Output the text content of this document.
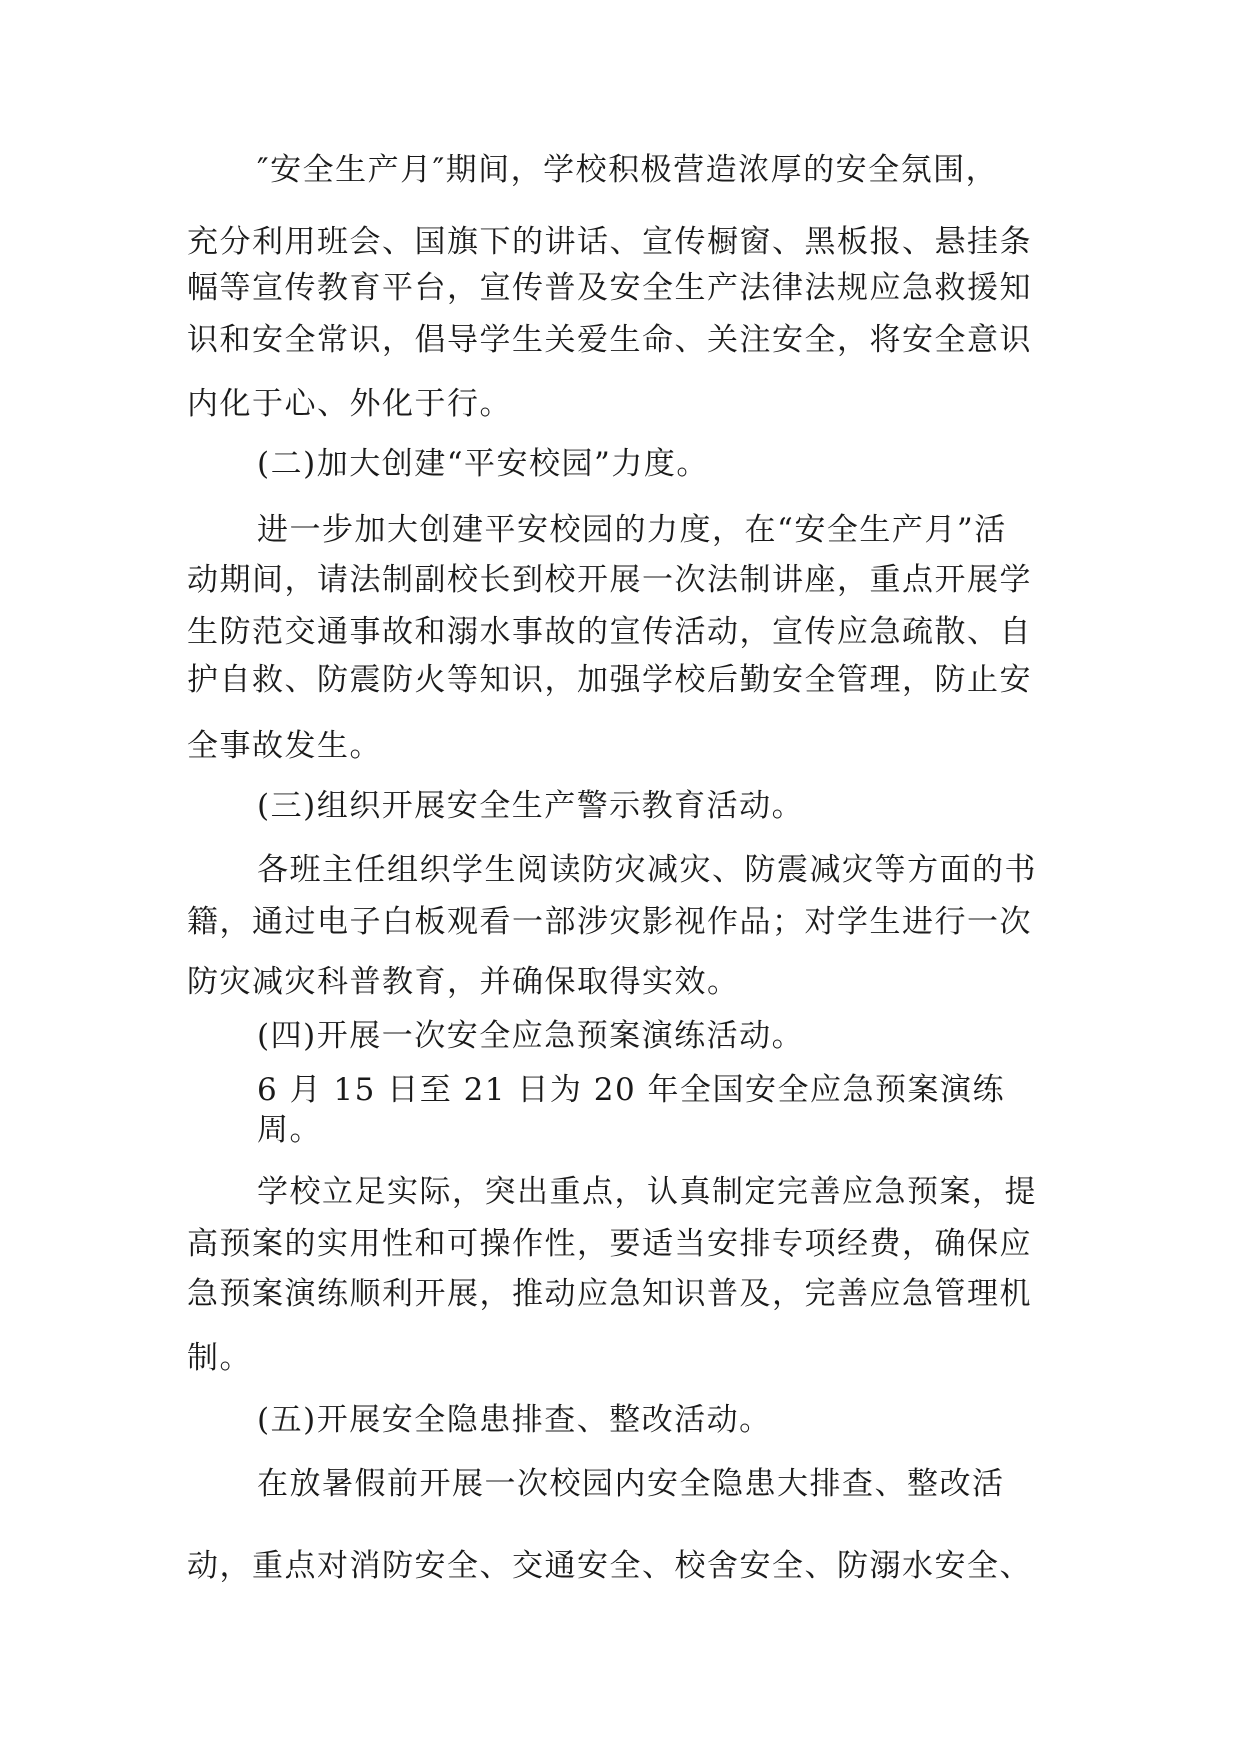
″安全生产月″期间，学校积极营造浓厚的安全氛围，

充分利用班会、国旗下的讲话、宣传橱窗、黑板报、悬挂条

幅等宣传教育平台，宣传普及安全生产法律法规应急救援知

识和安全常识，倡导学生关爱生命、关注安全，将安全意识

内化于心、外化于行。

(二)加大创建“平安校园”力度。

进一步加大创建平安校园的力度，在“安全生产月”活

动期间，请法制副校长到校开展一次法制讲座，重点开展学

生防范交通事故和溺水事故的宣传活动，宣传应急疏散、自

护自救、防震防火等知识，加强学校后勤安全管理，防止安

全事故发生。

(三)组织开展安全生产警示教育活动。

各班主任组织学生阅读防灾减灾、防震减灾等方面的书

籍，通过电子白板观看一部涉灾影视作品；对学生进行一次

防灾减灾科普教育，并确保取得实效。

(四)开展一次安全应急预案演练活动。

6 月 15 日至 21 日为 20 年全国安全应急预案演练

周。

学校立足实际，突出重点，认真制定完善应急预案，提

高预案的实用性和可操作性，要适当安排专项经费，确保应

急预案演练顺利开展，推动应急知识普及，完善应急管理机

制。

(五)开展安全隐患排查、整改活动。

在放暑假前开展一次校园内安全隐患大排查、整改活

动，重点对消防安全、交通安全、校舍安全、防溺水安全、
